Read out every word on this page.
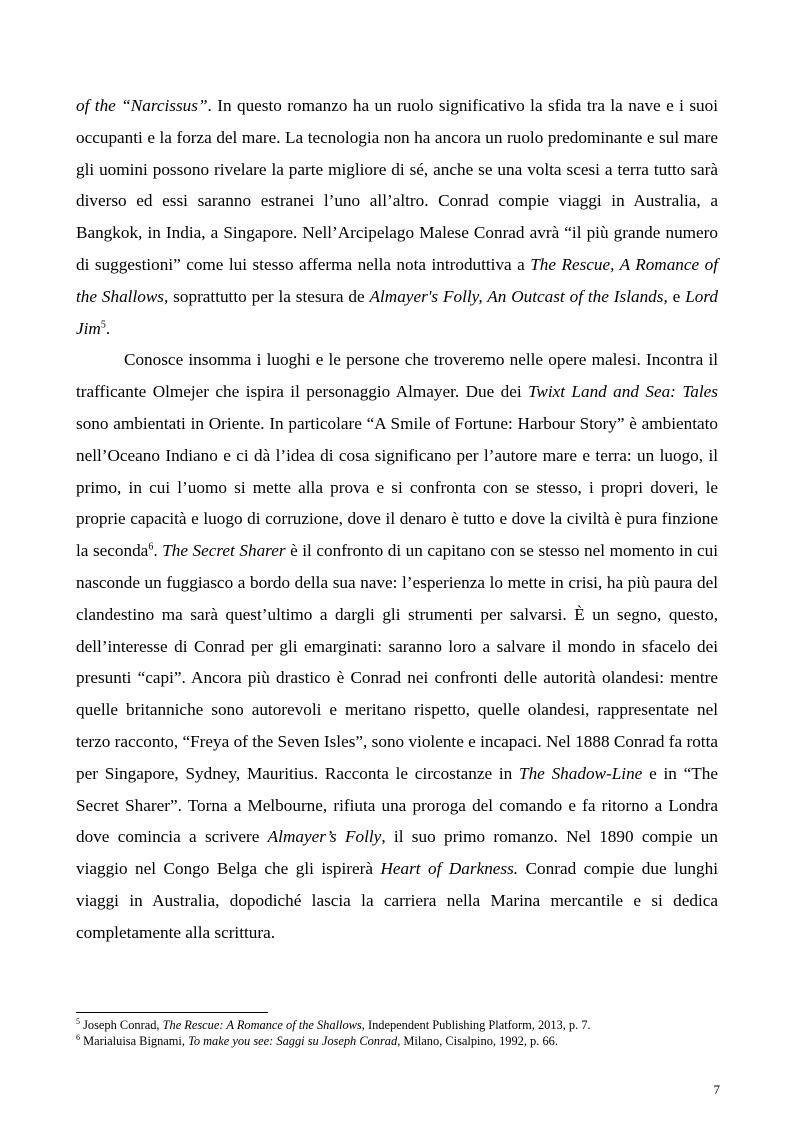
of the “Narcissus”. In questo romanzo ha un ruolo significativo la sfida tra la nave e i suoi occupanti e la forza del mare. La tecnologia non ha ancora un ruolo predominante e sul mare gli uomini possono rivelare la parte migliore di sé, anche se una volta scesi a terra tutto sarà diverso ed essi saranno estranei l’uno all’altro. Conrad compie viaggi in Australia, a Bangkok, in India, a Singapore. Nell’Arcipelago Malese Conrad avrà “il più grande numero di suggestioni” come lui stesso afferma nella nota introduttiva a The Rescue, A Romance of the Shallows, soprattutto per la stesura de Almayer's Folly, An Outcast of the Islands, e Lord Jim$^5$.

Conosce insomma i luoghi e le persone che troveremo nelle opere malesi. Incontra il trafficante Olmejer che ispira il personaggio Almayer. Due dei Twixt Land and Sea: Tales sono ambientati in Oriente. In particolare “A Smile of Fortune: Harbour Story” è ambientato nell’Oceano Indiano e ci dà l’idea di cosa significano per l’autore mare e terra: un luogo, il primo, in cui l’uomo si mette alla prova e si confronta con se stesso, i propri doveri, le proprie capacità e luogo di corruzione, dove il denaro è tutto e dove la civiltà è pura finzione la seconda$^6$. The Secret Sharer è il confronto di un capitano con se stesso nel momento in cui nasconde un fuggiasco a bordo della sua nave: l’esperienza lo mette in crisi, ha più paura del clandestino ma sarà quest’ultimo a dargli gli strumenti per salvarsi. È un segno, questo, dell’interesse di Conrad per gli emarginati: saranno loro a salvare il mondo in sfacelo dei presunti “capi”. Ancora più drastico è Conrad nei confronti delle autorità olandesi: mentre quelle britanniche sono autorevoli e meritano rispetto, quelle olandesi, rappresentate nel terzo racconto, “Freya of the Seven Isles”, sono violente e incapaci. Nel 1888 Conrad fa rotta per Singapore, Sydney, Mauritius. Racconta le circostanze in The Shadow-Line e in “The Secret Sharer”. Torna a Melbourne, rifiuta una proroga del comando e fa ritorno a Londra dove comincia a scrivere Almayer’s Folly, il suo primo romanzo. Nel 1890 compie un viaggio nel Congo Belga che gli ispirerà Heart of Darkness. Conrad compie due lunghi viaggi in Australia, dopodiché lascia la carriera nella Marina mercantile e si dedica completamente alla scrittura.

$^5$ Joseph Conrad, The Rescue: A Romance of the Shallows, Independent Publishing Platform, 2013, p. 7.

$^6$ Marialuisa Bignami, To make you see: Saggi su Joseph Conrad, Milano, Cisalpino, 1992, p. 66.

7
